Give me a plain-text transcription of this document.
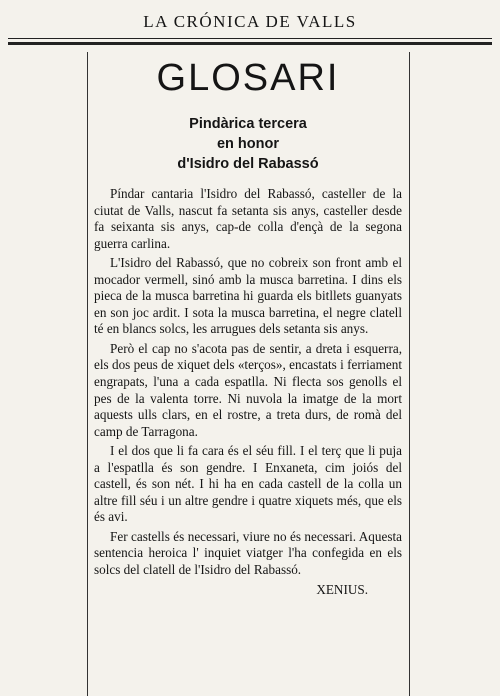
LA CRÓNICA DE VALLS
GLOSARI
Pindàrica tercera
en honor
d'Isidro del Rabassó

Píndar cantaria l'Isidro del Rabassó, casteller de la ciutat de Valls, nascut fa setanta sis anys, casteller desde fa seixanta sis anys, cap-de colla d'ençà de la segona guerra carlina.

L'Isidro del Rabassó, que no cobreix son front amb el mocador vermell, sinó amb la musca barretina. I dins els pieca de la musca barretina hi guarda els bitllets guanyats en son joc ardit. I sota la musca barretina, el negre clatell té en blancs solcs, les arrugues dels setanta sis anys.

Però el cap no s'acota pas de sentir, a dreta i esquerra, els dos peus de xiquet dels «terços», encastats i ferriament engrapats, l'una a cada espatlla. Ni flecta sos genolls el pes de la valenta torre. Ni nuvola la imatge de la mort aquests ulls clars, en el rostre, a treta durs, de romà del camp de Tarragona.

I el dos que li fa cara és el séu fill. I el terç que li puja a l'espatlla és son gendre. I Enxaneta, cim joiós del castell, és son nét. I hi ha en cada castell de la colla un altre fill séu i un altre gendre i quatre xiquets més, que els és avi.

Fer castells és necessari, viure no és necessari. Aquesta sentencia heroica l' inquiet viatger l'ha confegida en els solcs del clatell de l'Isidro del Rabassó.

XENIUS.
